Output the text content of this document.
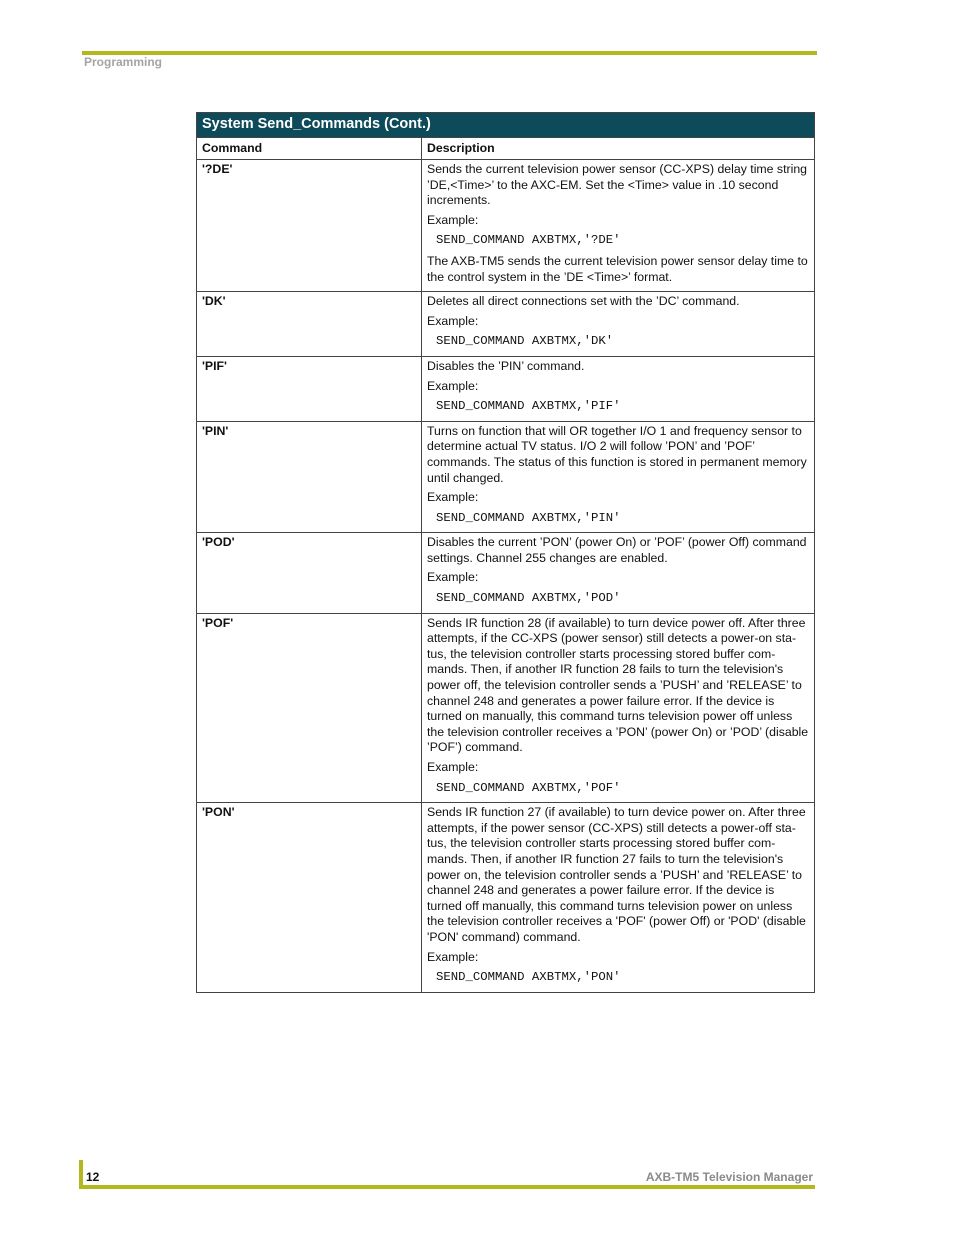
Programming
System Send_Commands (Cont.)	
Command	Description
'?DE'	Sends the current television power sensor (CC-XPS) delay time string ’DE,<Time>’ to the AXC-EM. Set the <Time> value in .10 second increments.

Example:

SEND_COMMAND AXBTMX,'?DE'

The AXB-TM5 sends the current television power sensor delay time to the control system in the ’DE <Time>’ format.

'DK'	Deletes all direct connections set with the ’DC’ command.

Example:

SEND_COMMAND AXBTMX,'DK'

'PIF'	Disables the ’PIN’ command.

Example:

SEND_COMMAND AXBTMX,'PIF'

'PIN'	Turns on function that will OR together I/O 1 and frequency sensor to determine actual TV status. I/O 2 will follow ’PON’ and ’POF’ commands. The status of this function is stored in permanent memory until changed.

Example:

SEND_COMMAND AXBTMX,'PIN'

'POD'	Disables the current ’PON’ (power On) or ’POF’ (power Off) command settings. Channel 255 changes are enabled.

Example:

SEND_COMMAND AXBTMX,'POD'

'POF'	Sends IR function 28 (if available) to turn device power off. After three attempts, if the CC-XPS (power sensor) still detects a power-on sta-tus, the television controller starts processing stored buffer com-mands. Then, if another IR function 28 fails to turn the television's power off, the television controller sends a ’PUSH’ and ’RELEASE’ to channel 248 and generates a power failure error. If the device is turned on manually, this command turns television power off unless the television controller receives a ’PON’ (power On) or ’POD’ (disable ’POF’) command.

Example:

SEND_COMMAND AXBTMX,'POF'

'PON'	Sends IR function 27 (if available) to turn device power on. After three attempts, if the power sensor (CC-XPS) still detects a power-off sta-tus, the television controller starts processing stored buffer com-mands. Then, if another IR function 27 fails to turn the television's power on, the television controller sends a ’PUSH’ and ’RELEASE’ to channel 248 and generates a power failure error. If the device is turned off manually, this command turns television power on unless the television controller receives a 'POF' (power Off) or 'POD' (disable 'PON' command) command.

Example:

SEND_COMMAND AXBTMX,'PON'
12	AXB-TM5 Television Manager
